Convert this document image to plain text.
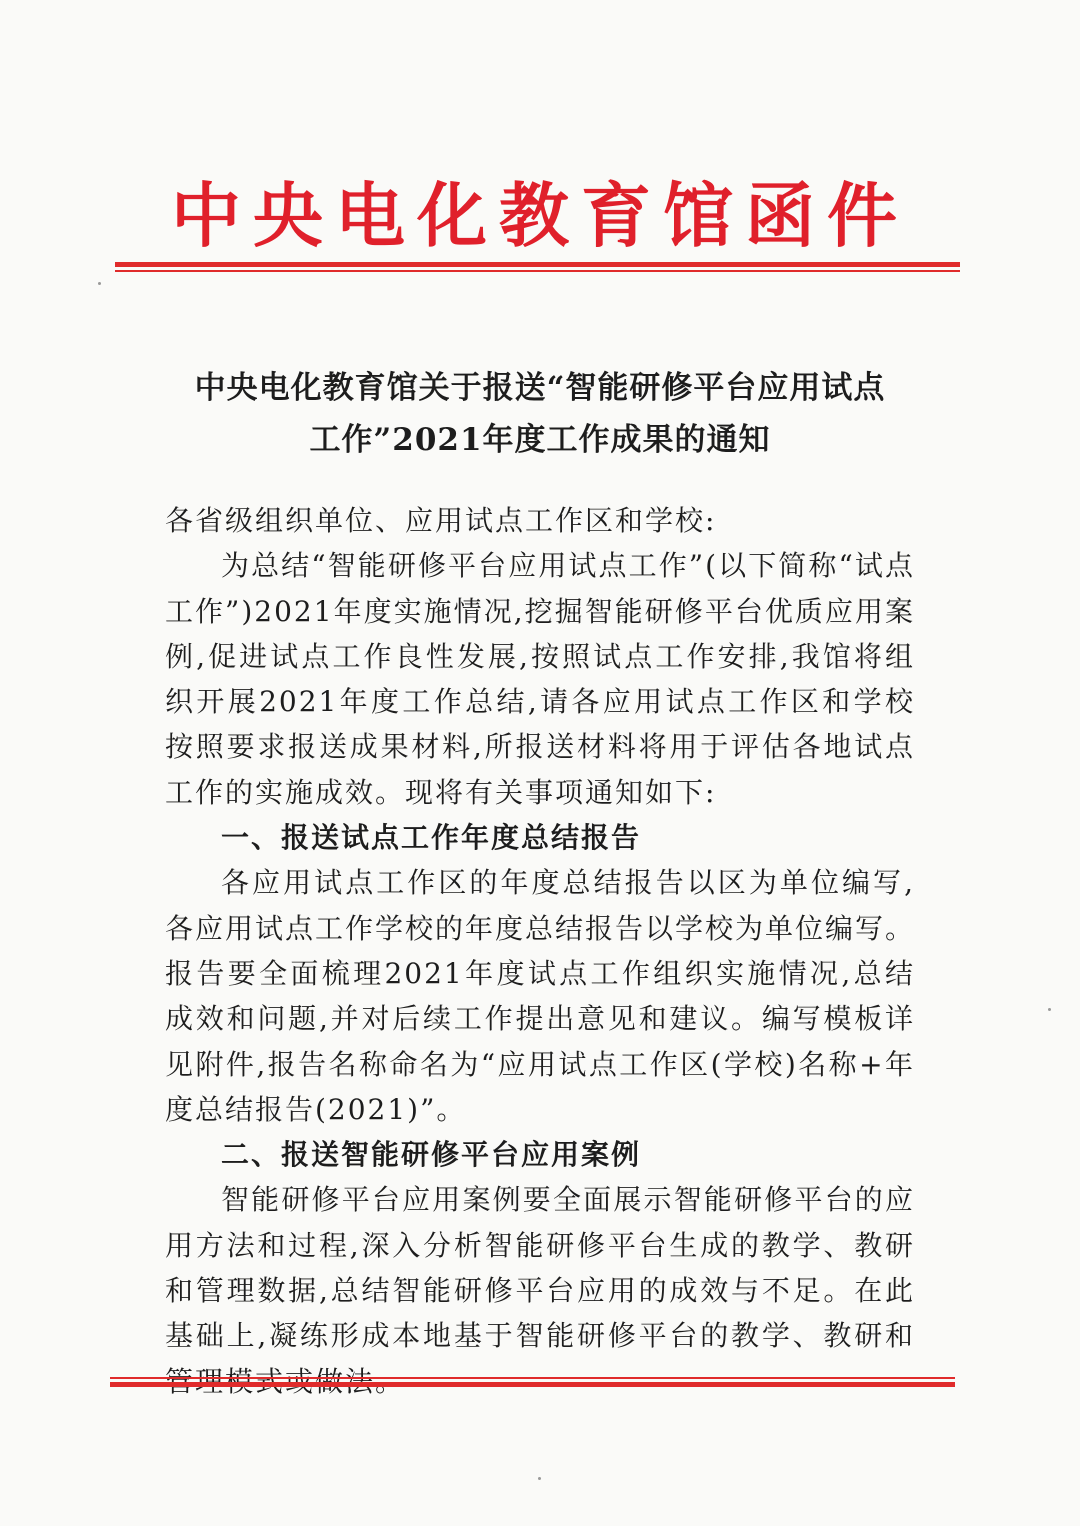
中央电化教育馆函件
中央电化教育馆关于报送“智能研修平台应用试点
工作”2021年度工作成果的通知

各省级组织单位、应用试点工作区和学校:

为总结“智能研修平台应用试点工作”(以下简称“试点工作”)2021年度实施情况,挖掘智能研修平台优质应用案例,促进试点工作良性发展,按照试点工作安排,我馆将组织开展2021年度工作总结,请各应用试点工作区和学校按照要求报送成果材料,所报送材料将用于评估各地试点工作的实施成效。现将有关事项通知如下:

一、报送试点工作年度总结报告

各应用试点工作区的年度总结报告以区为单位编写,各应用试点工作学校的年度总结报告以学校为单位编写。报告要全面梳理2021年度试点工作组织实施情况,总结成效和问题,并对后续工作提出意见和建议。编写模板详见附件,报告名称命名为“应用试点工作区(学校)名称+年度总结报告(2021)”。

二、报送智能研修平台应用案例

智能研修平台应用案例要全面展示智能研修平台的应用方法和过程,深入分析智能研修平台生成的教学、教研和管理数据,总结智能研修平台应用的成效与不足。在此基础上,凝练形成本地基于智能研修平台的教学、教研和
